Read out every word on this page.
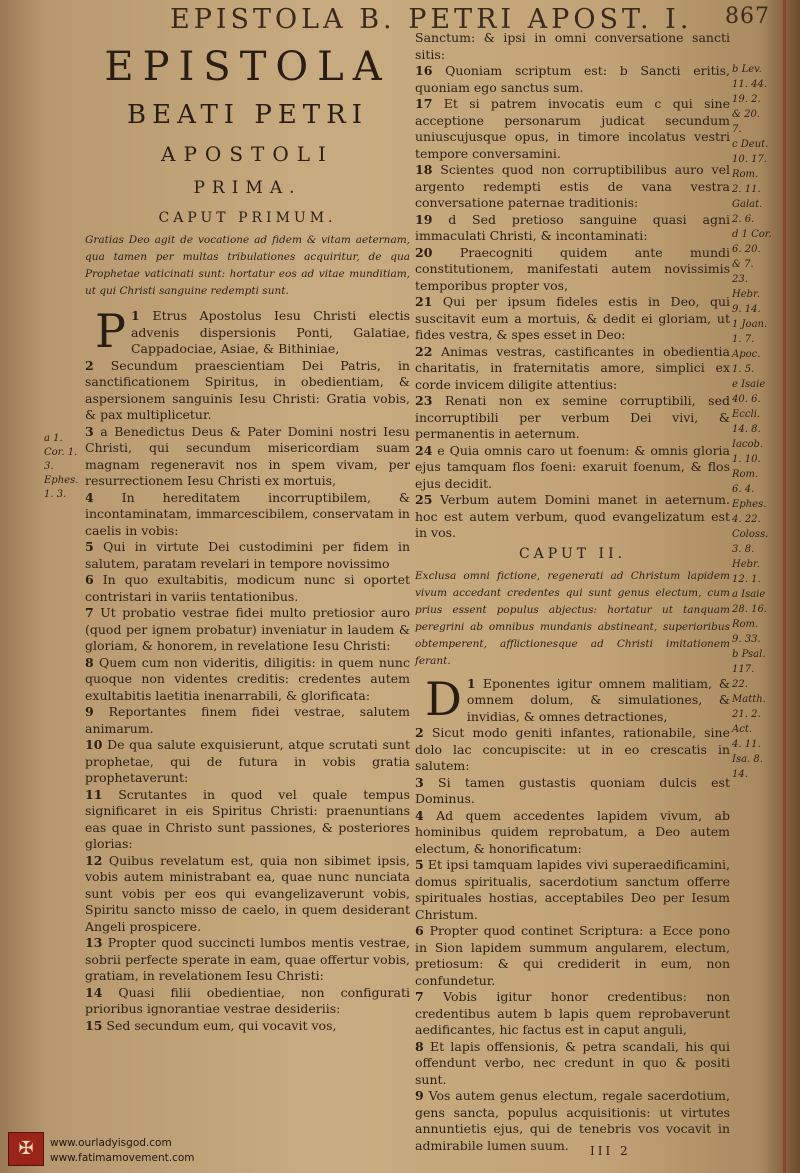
EPISTOLA B. PETRI APOST. I. 867
EPISTOLA
BEATI PETRI
APOSTOLI
PRIMA.
CAPUT PRIMUM.
Gratias Deo agit de vocatione ad fidem & vitam aeternam, qua tamen per multas tribulationes acquiritur, de qua Prophetae vaticinati sunt: hortatur eos ad vitae munditiam, ut qui Christi sanguine redempti sunt.
1
P Etrus Apostolus Iesu Christi electis advenis dispersionis Ponti, Galatiae, Cappadociae, Asiae, & Bithiniae,
2 Secundum praescientiam Dei Patris, in sanctificationem Spiritus, in obedientiam, & aspersionem sanguinis Iesu Christi: Gratia vobis, & pax multiplicetur.
3 a Benedictus Deus & Pater Domini nostri Iesu Christi, qui secundum misericordiam suam magnam regeneravit nos in spem vivam, per resurrectionem Iesu Christi ex mortuis,
4 In hereditatem incorruptibilem, & incontaminatam, immarcescibilem, conservatam in caelis in vobis:
5 Qui in virtute Dei custodimini per fidem in salutem, paratam revelari in tempore novissimo
6 In quo exultabitis, modicum nunc si oportet contristari in variis tentationibus.
7 Ut probatio vestrae fidei multo pretiosior auro (quod per ignem probatur) inveniatur in laudem & gloriam, & honorem, in revelatione Iesu Christi:
8 Quem cum non videritis, diligitis: in quem nunc quoque non videntes creditis: credentes autem exultabitis laetitia inenarrabili, & glorificata:
9 Reportantes finem fidei vestrae, salutem animarum.
10 De qua salute exquisierunt, atque scrutati sunt prophetae, qui de futura in vobis gratia prophetaverunt:
11 Scrutantes in quod vel quale tempus significaret in eis Spiritus Christi: praenuntians eas quae in Christo sunt passiones, & posteriores glorias:
12 Quibus revelatum est, quia non sibimet ipsis, vobis autem ministrabant ea, quae nunc nunciata sunt vobis per eos qui evangelizaverunt vobis, Spiritu sancto misso de caelo, in quem desiderant Angeli prospicere.
13 Propter quod succincti lumbos mentis vestrae, sobrii perfecte sperate in eam, quae offertur vobis, gratiam, in revelationem Iesu Christi:
14 Quasi filii obedientiae, non configurati prioribus ignorantiae vestrae desideriis:
15 Sed secundum eum, qui vocavit vos,
Sanctum: & ipsi in omni conversatione sancti sitis:
16 Quoniam scriptum est: b Sancti eritis, quoniam ego sanctus sum.
17 Et si patrem invocatis eum c qui sine acceptione personarum judicat secundum uniuscujusque opus, in timore incolatus vestri tempore conversamini.
18 Scientes quod non corruptibilibus auro vel argento redempti estis de vana vestra conversatione paternae traditionis:
19 d Sed pretioso sanguine quasi agni immaculati Christi, & incontaminati:
20 Praecogniti quidem ante mundi constitutionem, manifestati autem novissimis temporibus propter vos,
21 Qui per ipsum fideles estis in Deo, qui suscitavit eum a mortuis, & dedit ei gloriam, ut fides vestra, & spes esset in Deo:
22 Animas vestras, castificantes in obedientia charitatis, in fraternitatis amore, simplici ex corde invicem diligite attentius:
23 Renati non ex semine corruptibili, sed incorruptibili per verbum Dei vivi, & permanentis in aeternum.
24 e Quia omnis caro ut foenum: & omnis gloria ejus tamquam flos foeni: exaruit foenum, & flos ejus decidit.
25 Verbum autem Domini manet in aeternum. hoc est autem verbum, quod evangelizatum est in vos.
CAPUT II.
Exclusa omni fictione, regenerati ad Christum lapidem vivum accedant credentes qui sunt genus electum, cum prius essent populus abjectus: hortatur ut tanquam peregrini ab omnibus mundanis abstineant, superioribus obtemperent, afflictionesque ad Christi imitationem ferant.
1
D Eponentes igitur omnem malitiam, & omnem dolum, & simulationes, & invidias, & omnes detractiones,
2 Sicut modo geniti infantes, rationabile, sine dolo lac concupiscite: ut in eo crescatis in salutem:
3 Si tamen gustastis quoniam dulcis est Dominus.
4 Ad quem accedentes lapidem vivum, ab hominibus quidem reprobatum, a Deo autem electum, & honorificatum:
5 Et ipsi tamquam lapides vivi superaedificamini, domus spiritualis, sacerdotium sanctum offerre spirituales hostias, acceptabiles Deo per Iesum Christum.
6 Propter quod continet Scriptura: a Ecce pono in Sion lapidem summum angularem, electum, pretiosum: & qui crediderit in eum, non confundetur.
7 Vobis igitur honor credentibus: non credentibus autem b lapis quem reprobaverunt aedificantes, hic factus est in caput anguli,
8 Et lapis offensionis, & petra scandali, his qui offendunt verbo, nec credunt in quo & positi sunt.
9 Vos autem genus electum, regale sacerdotium, gens sancta, populus acquisitionis: ut virtutes annuntietis ejus, qui de tenebris vos vocavit in admirabile lumen suum.
a 1. Cor. 1. 3. Ephes. 1. 3.
b Lev.
11. 44.
19. 2.
& 20.
7.
c Deut.
10. 17.
Rom.
2. 11.
Galat.
2. 6.
d 1 Cor.
6. 20.
& 7.
23.
Hebr.
9. 14.
1 Joan.
1. 7.
Apoc.
1. 5.
e Isaie
40. 6.
Eccli.
14. 8.
Iacob.
1. 10.
Rom.
6. 4.
Ephes.
4. 22.
Coloss.
3. 8.
Hebr.
12. 1.
a Isaie
28. 16.
Rom.
9. 33.
b Psal.
117.
22.
Matth.
21. 2.
Act.
4. 11.
Isa. 8.
14.
III 2
✠	www.ourladyisgod.com
www.fatimamovement.com
